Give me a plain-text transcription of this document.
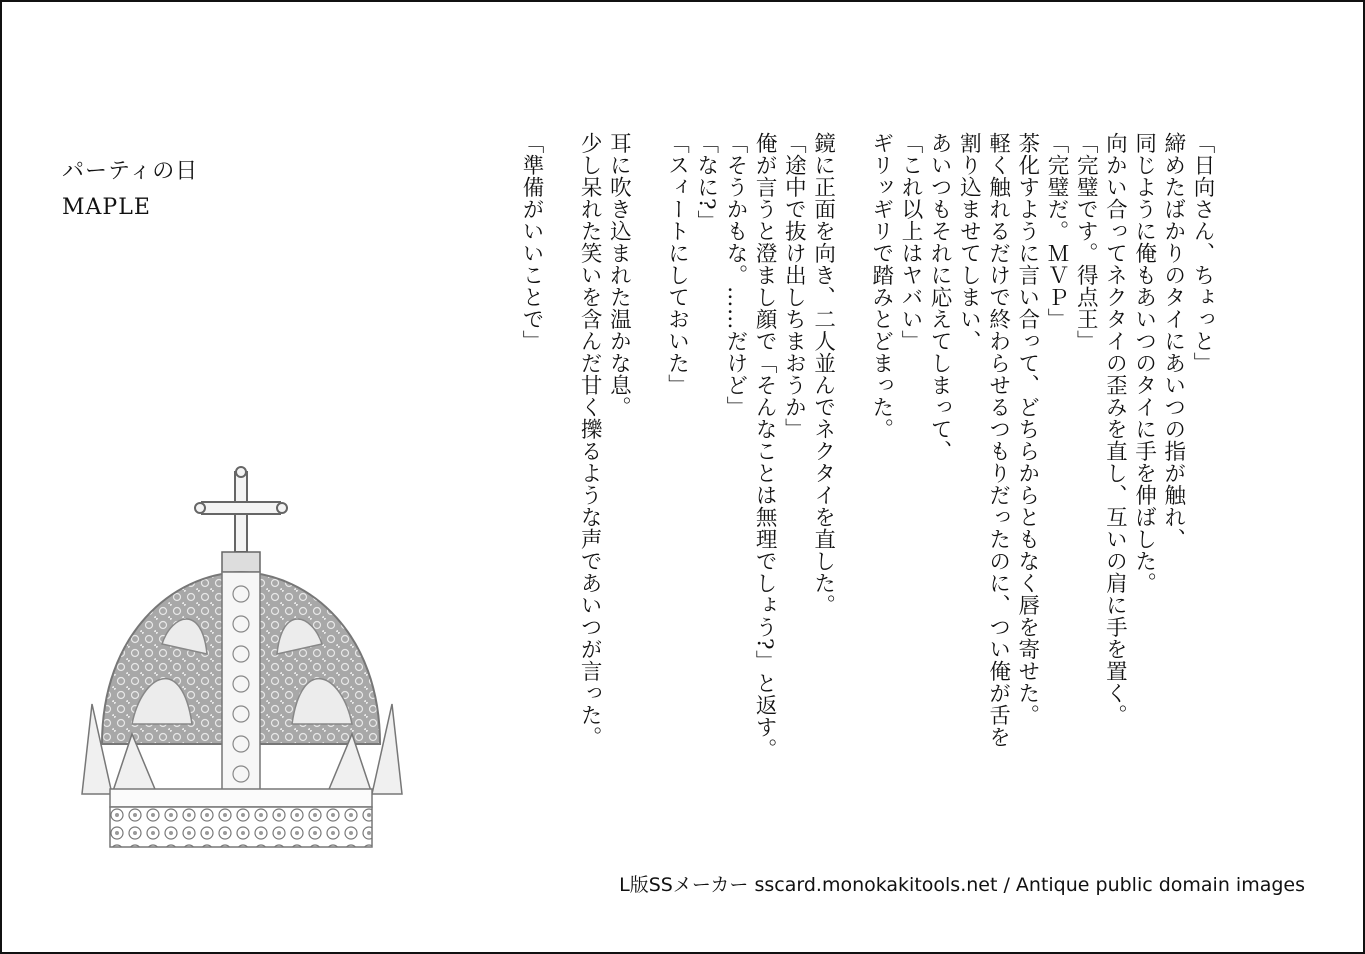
パーティの日
MAPLE	「日向さん、ちょっと」
締めたばかりのタイにあいつの指が触れ、
同じように俺もあいつのタイに手を伸ばした。
向かい合ってネクタイの歪みを直し、互いの肩に手を置く。
「完璧です。得点王」
「完璧だ。ＭＶＰ」
茶化すように言い合って、どちらからともなく唇を寄せた。
軽く触れるだけで終わらせるつもりだったのに、つい俺が舌を
割り込ませてしまい、
あいつもそれに応えてしまって、
「これ以上はヤバい」
ギリッギリで踏みとどまった。
鏡に正面を向き、二人並んでネクタイを直した。
「途中で抜け出しちまおうか」
俺が言うと澄まし顔で「そんなことは無理でしょう?」と返す。
「そうかもな。……だけど」
「なに?」
「スィートにしておいた」
耳に吹き込まれた温かな息。
少し呆れた笑いを含んだ甘く擽るような声であいつが言った。
「準備がいいことで」
L版SSメーカー sscard.monokakitools.net / Antique public domain images
